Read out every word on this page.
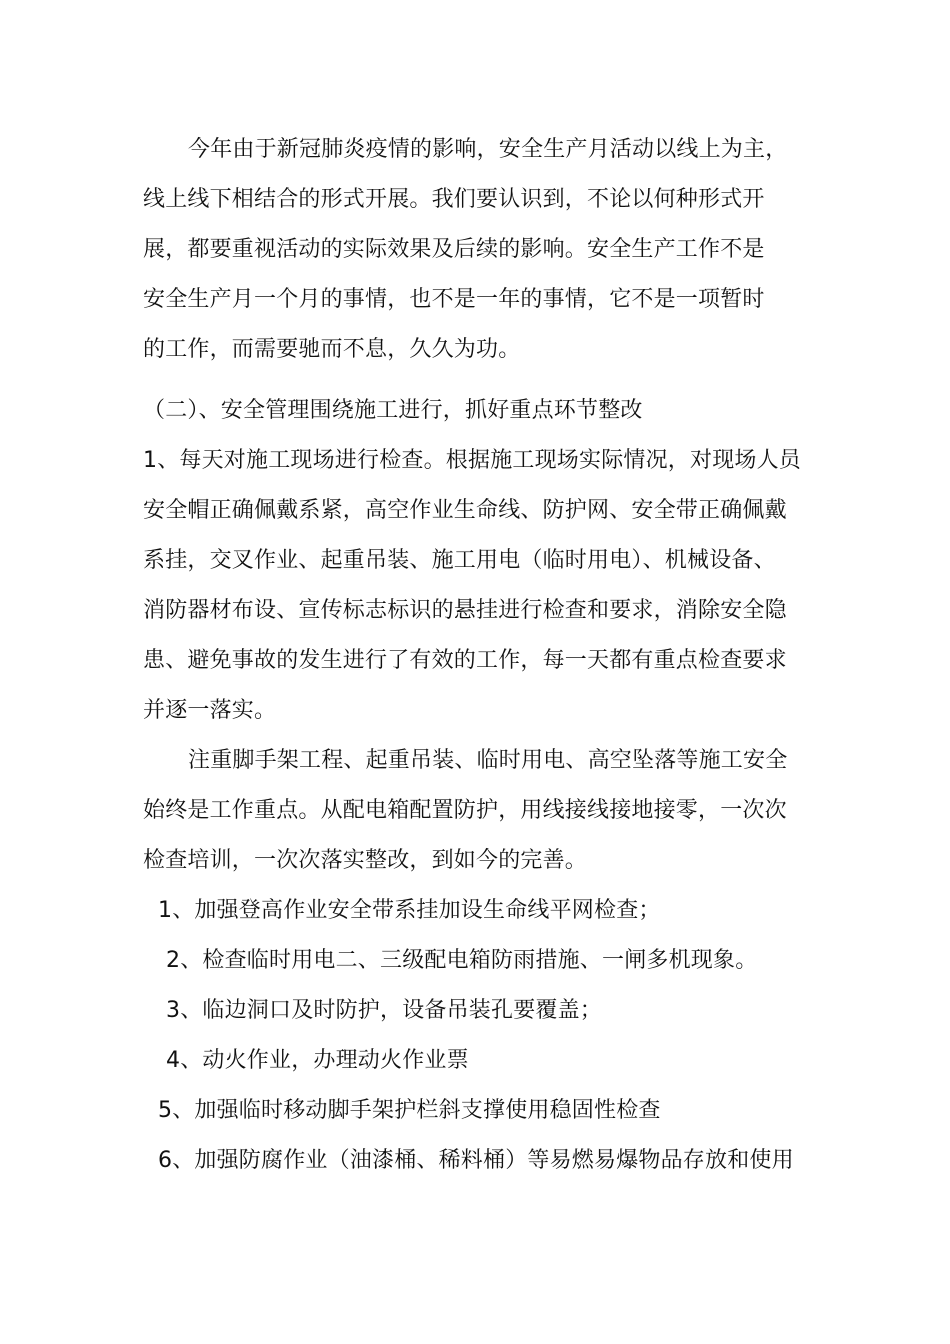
今年由于新冠肺炎疫情的影响，安全生产月活动以线上为主，
线上线下相结合的形式开展。我们要认识到，不论以何种形式开
展，都要重视活动的实际效果及后续的影响。安全生产工作不是
安全生产月一个月的事情，也不是一年的事情，它不是一项暂时
的工作，而需要驰而不息，久久为功。
（二）、安全管理围绕施工进行，抓好重点环节整改
1、每天对施工现场进行检查。根据施工现场实际情况，对现场人员
安全帽正确佩戴系紧，高空作业生命线、防护网、安全带正确佩戴
系挂，交叉作业、起重吊装、施工用电（临时用电）、机械设备、
消防器材布设、宣传标志标识的悬挂进行检查和要求，消除安全隐
患、避免事故的发生进行了有效的工作，每一天都有重点检查要求
并逐一落实。
注重脚手架工程、起重吊装、临时用电、高空坠落等施工安全
始终是工作重点。从配电箱配置防护，用线接线接地接零，一次次
检查培训，一次次落实整改，到如今的完善。
1、加强登高作业安全带系挂加设生命线平网检查；
2、检查临时用电二、三级配电箱防雨措施、一闸多机现象。
3、临边洞口及时防护，设备吊装孔要覆盖；
4、动火作业，办理动火作业票
5、加强临时移动脚手架护栏斜支撑使用稳固性检查
6、加强防腐作业（油漆桶、稀料桶）等易燃易爆物品存放和使用
